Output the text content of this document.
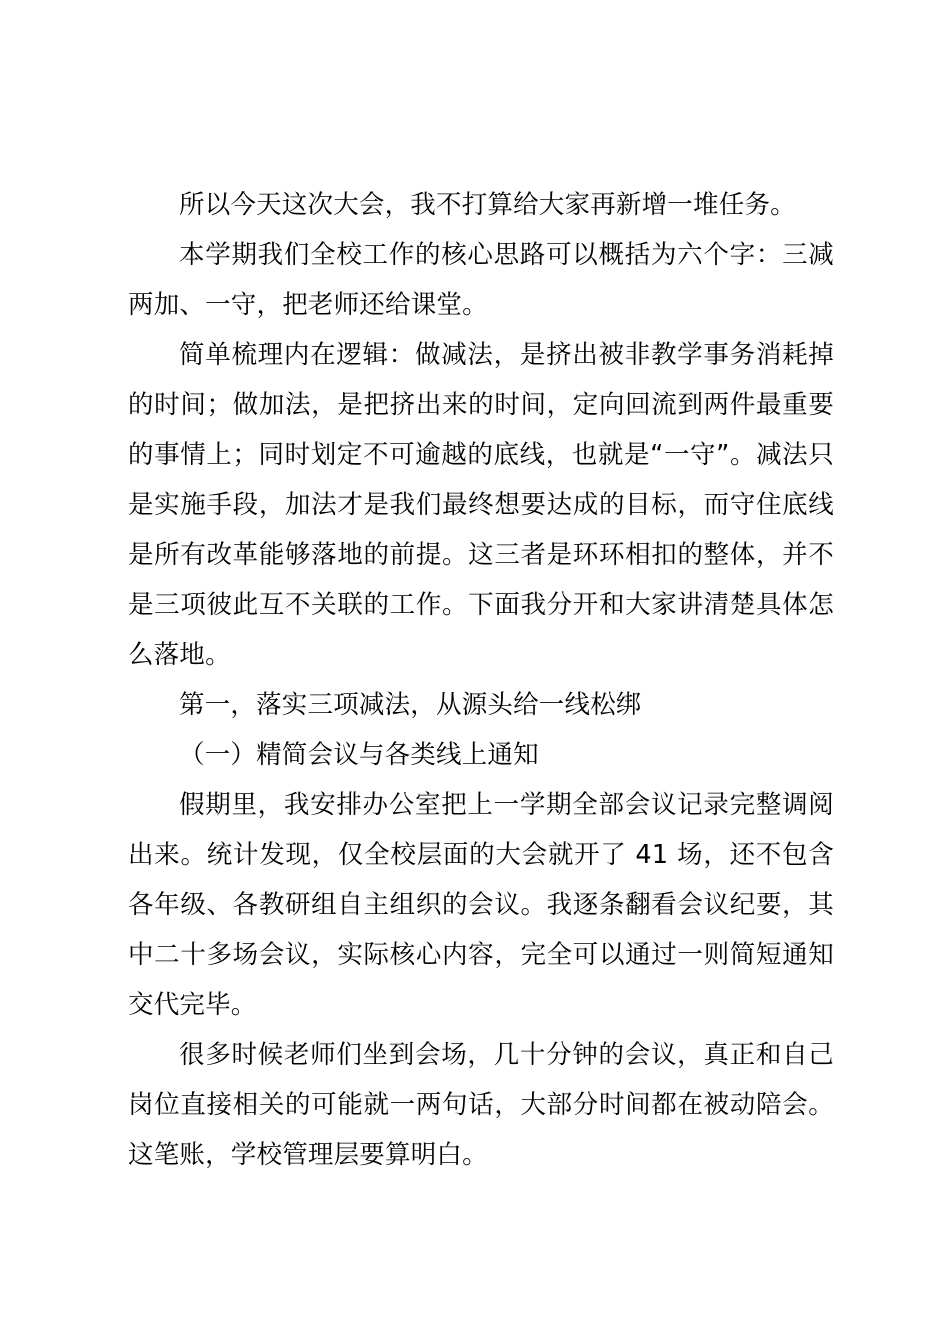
所以今天这次大会，我不打算给大家再新增一堆任务。

本学期我们全校工作的核心思路可以概括为六个字：三减两加、一守，把老师还给课堂。

简单梳理内在逻辑：做减法，是挤出被非教学事务消耗掉的时间；做加法，是把挤出来的时间，定向回流到两件最重要的事情上；同时划定不可逾越的底线，也就是“一守”。减法只是实施手段，加法才是我们最终想要达成的目标，而守住底线是所有改革能够落地的前提。这三者是环环相扣的整体，并不是三项彼此互不关联的工作。下面我分开和大家讲清楚具体怎么落地。

第一，落实三项减法，从源头给一线松绑

（一）精简会议与各类线上通知

假期里，我安排办公室把上一学期全部会议记录完整调阅出来。统计发现，仅全校层面的大会就开了 41 场，还不包含各年级、各教研组自主组织的会议。我逐条翻看会议纪要，其中二十多场会议，实际核心内容，完全可以通过一则简短通知交代完毕。

很多时候老师们坐到会场，几十分钟的会议，真正和自己岗位直接相关的可能就一两句话，大部分时间都在被动陪会。这笔账，学校管理层要算明白。
